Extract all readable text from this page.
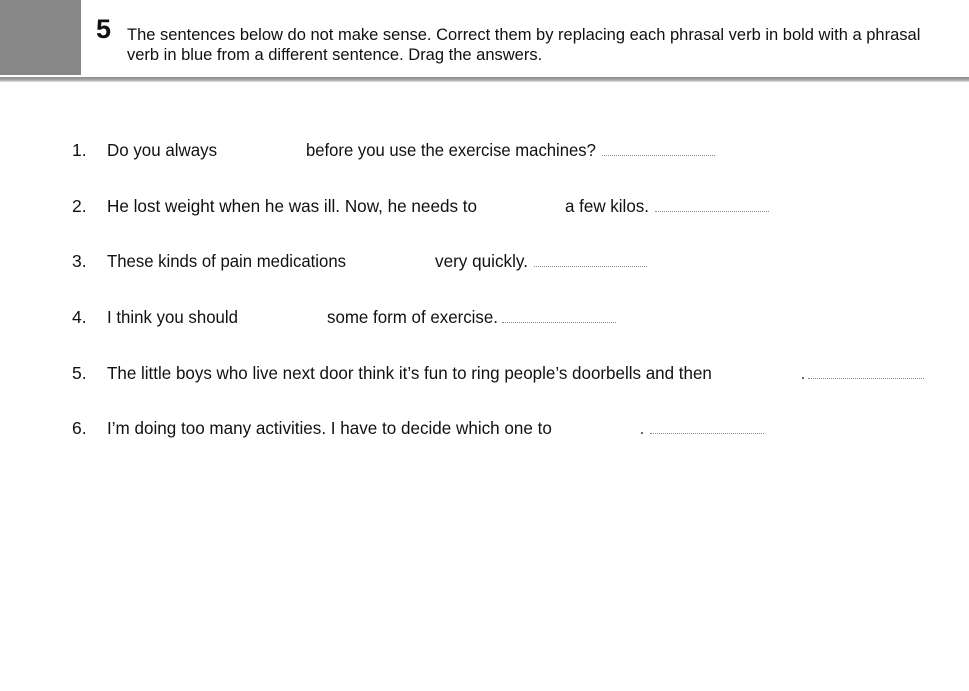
5 The sentences below do not make sense. Correct them by replacing each phrasal verb in bold with a phrasal verb in blue from a different sentence. Drag the answers.
1. Do you always	before you use the exercise machines?
2. He lost weight when he was ill. Now, he needs to	a few kilos.
3. These kinds of pain medications	very quickly.
4. I think you should	some form of exercise.
5. The little boys who live next door think it’s fun to ring people’s doorbells and then	.
6. I’m doing too many activities. I have to decide which one to	.
